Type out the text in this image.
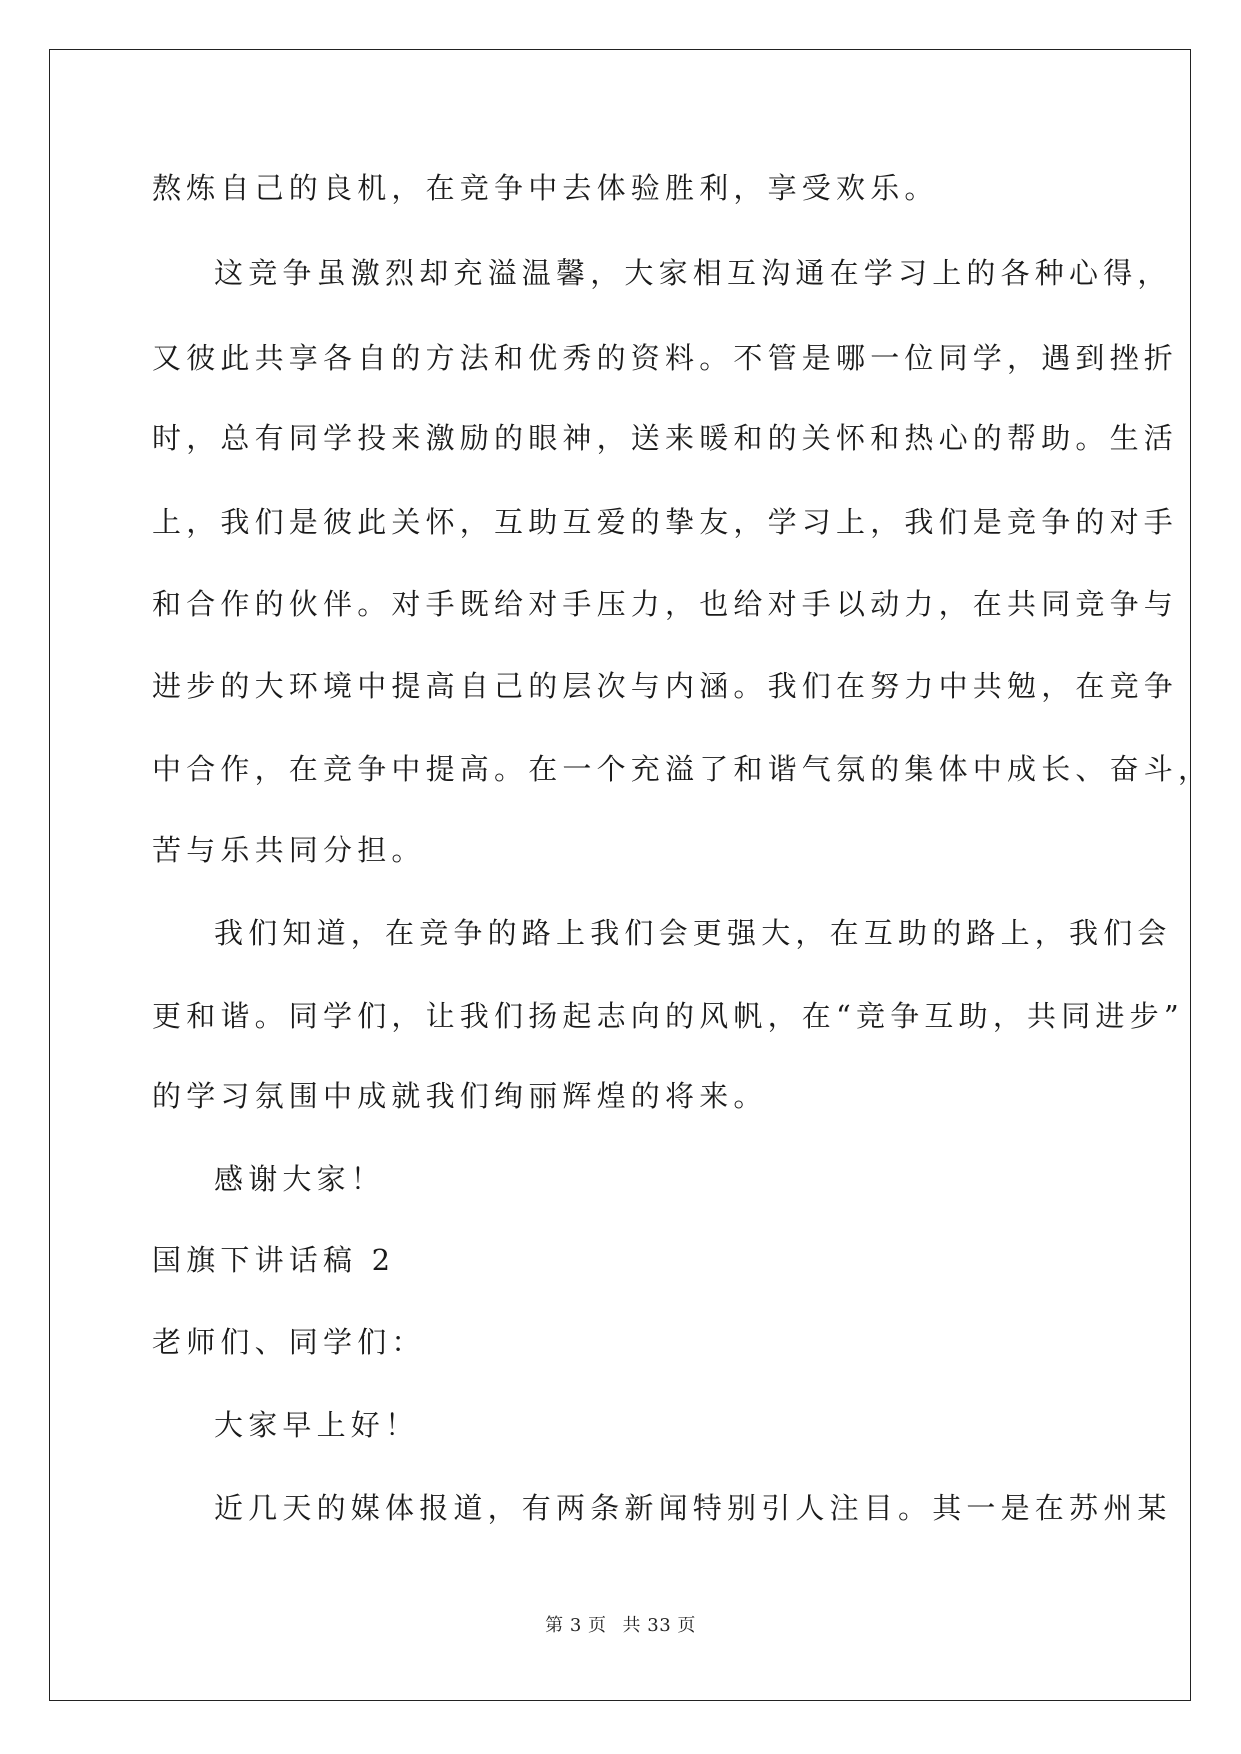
熬炼自己的良机，在竞争中去体验胜利，享受欢乐。
这竞争虽激烈却充溢温馨，大家相互沟通在学习上的各种心得，
又彼此共享各自的方法和优秀的资料。不管是哪一位同学，遇到挫折
时，总有同学投来激励的眼神，送来暖和的关怀和热心的帮助。生活
上，我们是彼此关怀，互助互爱的挚友，学习上，我们是竞争的对手
和合作的伙伴。对手既给对手压力，也给对手以动力，在共同竞争与
进步的大环境中提高自己的层次与内涵。我们在努力中共勉，在竞争
中合作，在竞争中提高。在一个充溢了和谐气氛的集体中成长、奋斗，
苦与乐共同分担。
我们知道，在竞争的路上我们会更强大，在互助的路上，我们会
更和谐。同学们，让我们扬起志向的风帆，在“竞争互助，共同进步”
的学习氛围中成就我们绚丽辉煌的将来。
感谢大家！
国旗下讲话稿 2
老师们、同学们：
大家早上好！
近几天的媒体报道，有两条新闻特别引人注目。其一是在苏州某
第 3 页 共 33 页
